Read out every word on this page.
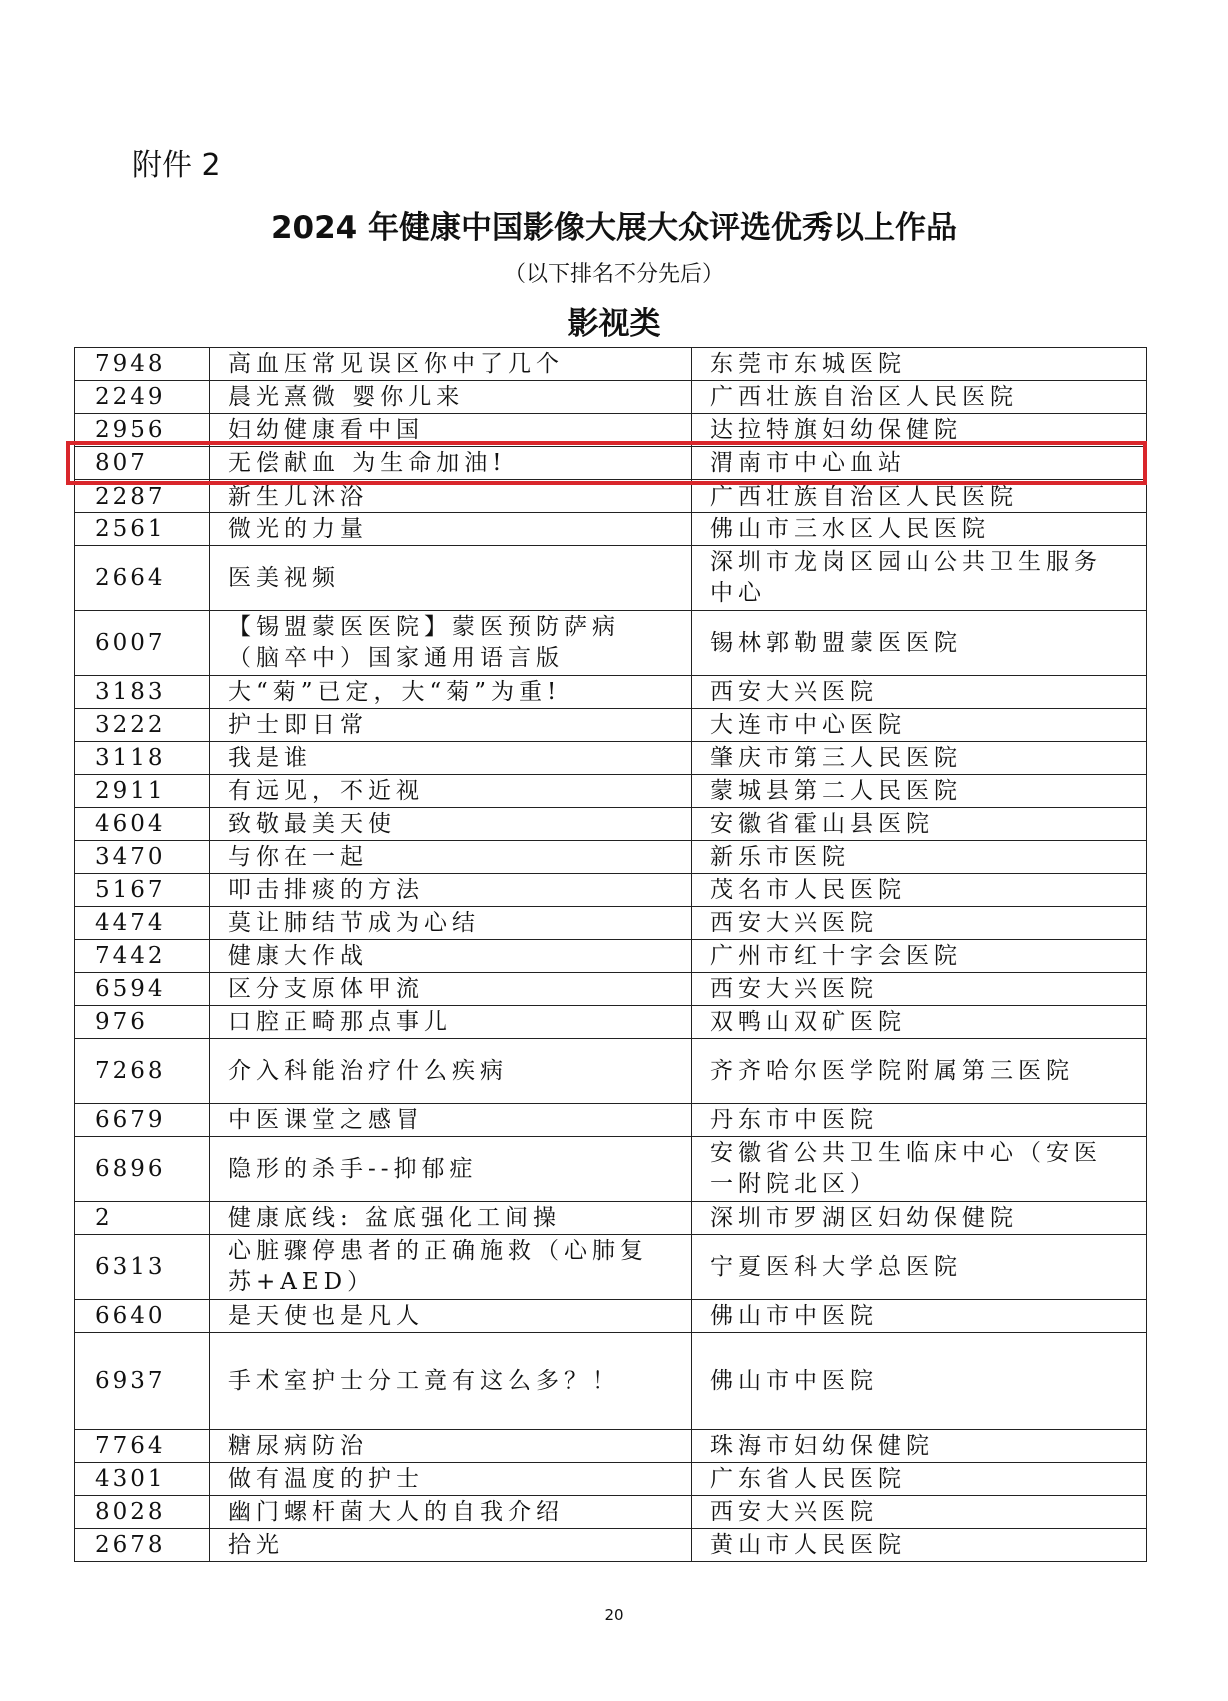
附件 2
2024 年健康中国影像大展大众评选优秀以上作品
（以下排名不分先后）
影视类
7948	高血压常见误区你中了几个	东莞市东城医院
2249	晨光熹微 婴你儿来	广西壮族自治区人民医院
2956	妇幼健康看中国	达拉特旗妇幼保健院
807	无偿献血 为生命加油!	渭南市中心血站
2287	新生儿沐浴	广西壮族自治区人民医院
2561	微光的力量	佛山市三水区人民医院
2664	医美视频	深圳市龙岗区园山公共卫生服务中心
6007	【锡盟蒙医医院】蒙医预防萨病（脑卒中）国家通用语言版	锡林郭勒盟蒙医医院
3183	大“菊”已定，大“菊”为重!	西安大兴医院
3222	护士即日常	大连市中心医院
3118	我是谁	肇庆市第三人民医院
2911	有远见，不近视	蒙城县第二人民医院
4604	致敬最美天使	安徽省霍山县医院
3470	与你在一起	新乐市医院
5167	叩击排痰的方法	茂名市人民医院
4474	莫让肺结节成为心结	西安大兴医院
7442	健康大作战	广州市红十字会医院
6594	区分支原体甲流	西安大兴医院
976	口腔正畸那点事儿	双鸭山双矿医院
7268	介入科能治疗什么疾病	齐齐哈尔医学院附属第三医院
6679	中医课堂之感冒	丹东市中医院
6896	隐形的杀手--抑郁症	安徽省公共卫生临床中心（安医一附院北区）
2	健康底线: 盆底强化工间操	深圳市罗湖区妇幼保健院
6313	心脏骤停患者的正确施救（心肺复苏+AED）	宁夏医科大学总医院
6640	是天使也是凡人	佛山市中医院
6937	手术室护士分工竟有这么多？！	佛山市中医院
7764	糖尿病防治	珠海市妇幼保健院
4301	做有温度的护士	广东省人民医院
8028	幽门螺杆菌大人的自我介绍	西安大兴医院
2678	拾光	黄山市人民医院
20
